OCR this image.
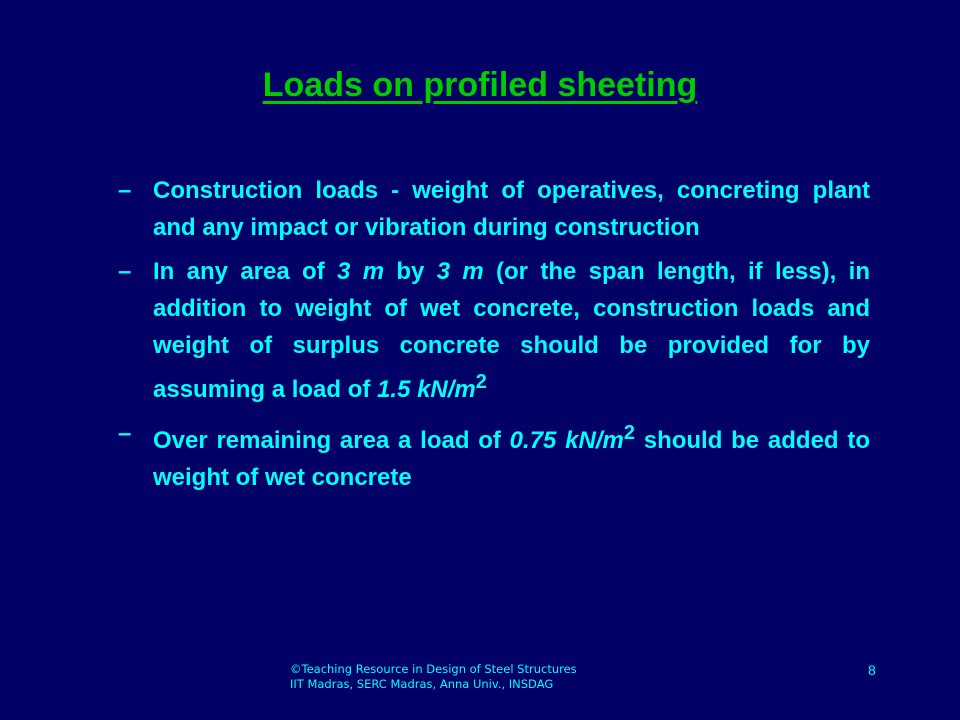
Loads on profiled sheeting
– Construction loads - weight of operatives, concreting plant and any impact or vibration during construction
– In any area of 3 m by 3 m (or the span length, if less), in addition to weight of wet concrete, construction loads and weight of surplus concrete should be provided for by assuming a load of 1.5 $kN/m^2$
– Over remaining area a load of 0.75 $kN/m^2$ should be added to weight of wet concrete
©Teaching Resource in Design of Steel Structures
IIT Madras, SERC Madras, Anna Univ., INSDAG
8
